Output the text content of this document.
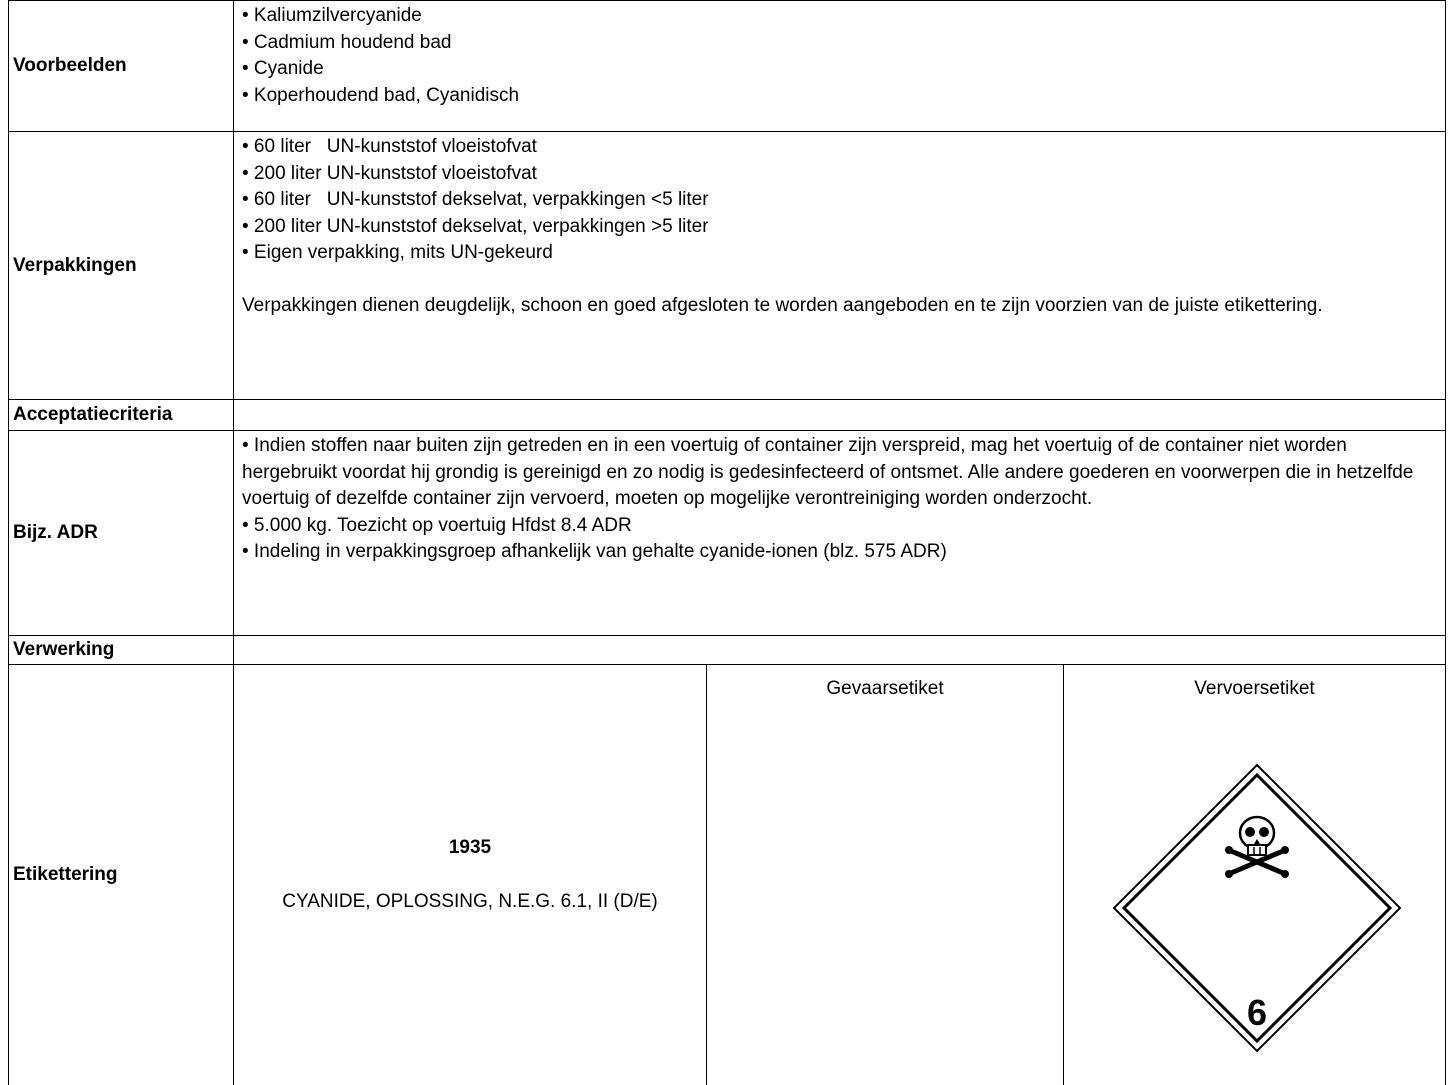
Voorbeelden

• Kaliumzilvercyanide

• Cadmium houdend bad

• Cyanide

• Koperhoudend bad, Cyanidisch

Verpakkingen

• 60 liter   UN-kunststof vloeistofvat

• 200 liter UN-kunststof vloeistofvat

• 60 liter   UN-kunststof dekselvat, verpakkingen <5 liter

• 200 liter UN-kunststof dekselvat, verpakkingen >5 liter

• Eigen verpakking, mits UN-gekeurd

Verpakkingen dienen deugdelijk, schoon en goed afgesloten te worden aangeboden en te zijn voorzien van de juiste etikettering.

Acceptatiecriteria
Bijz. ADR

• Indien stoffen naar buiten zijn getreden en in een voertuig of container zijn verspreid, mag het voertuig of de container niet worden hergebruikt voordat hij grondig is gereinigd en zo nodig is gedesinfecteerd of ontsmet. Alle andere goederen en voorwerpen die in hetzelfde voertuig of dezelfde container zijn vervoerd, moeten op mogelijke verontreiniging worden onderzocht.

• 5.000 kg. Toezicht op voertuig Hfdst 8.4 ADR

• Indeling in verpakkingsgroep afhankelijk van gehalte cyanide-ionen (blz. 575 ADR)

Verwerking
Etikettering
1935
CYANIDE, OPLOSSING, N.E.G. 6.1, II (D/E)
Gevaarsetiket	Vervoersetiket
6
